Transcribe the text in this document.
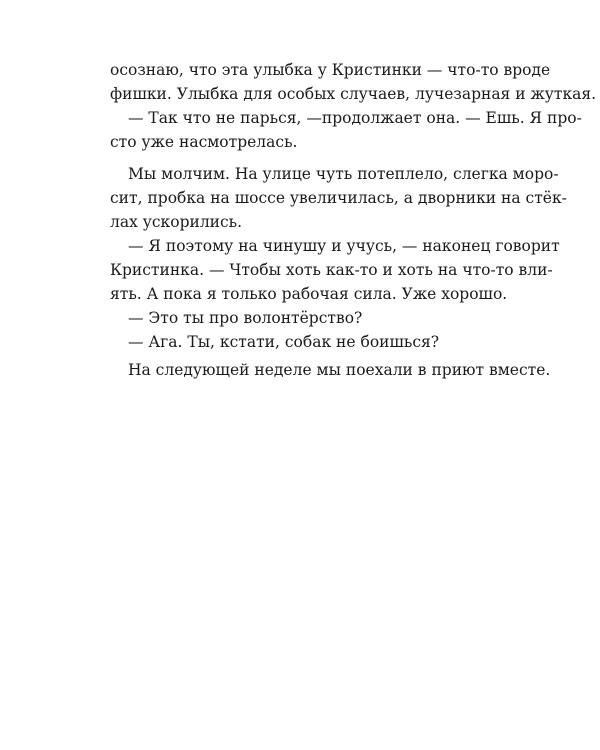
осознаю, что эта улыбка у Кристинки — что-то вроде
фишки. Улыбка для особых случаев, лучезарная и жуткая.
— Так что не парься, —продолжает она. — Ешь. Я про-
сто уже насмотрелась.
Мы молчим. На улице чуть потеплело, слегка моро-
сит, пробка на шоссе увеличилась, а дворники на стёк-
лах ускорились.
— Я поэтому на чинушу и учусь, — наконец говорит
Кристинка. — Чтобы хоть как-то и хоть на что-то вли-
ять. А пока я только рабочая сила. Уже хорошо.
— Это ты про волонтёрство?
— Ага. Ты, кстати, собак не боишься?
На следующей неделе мы поехали в приют вместе.
